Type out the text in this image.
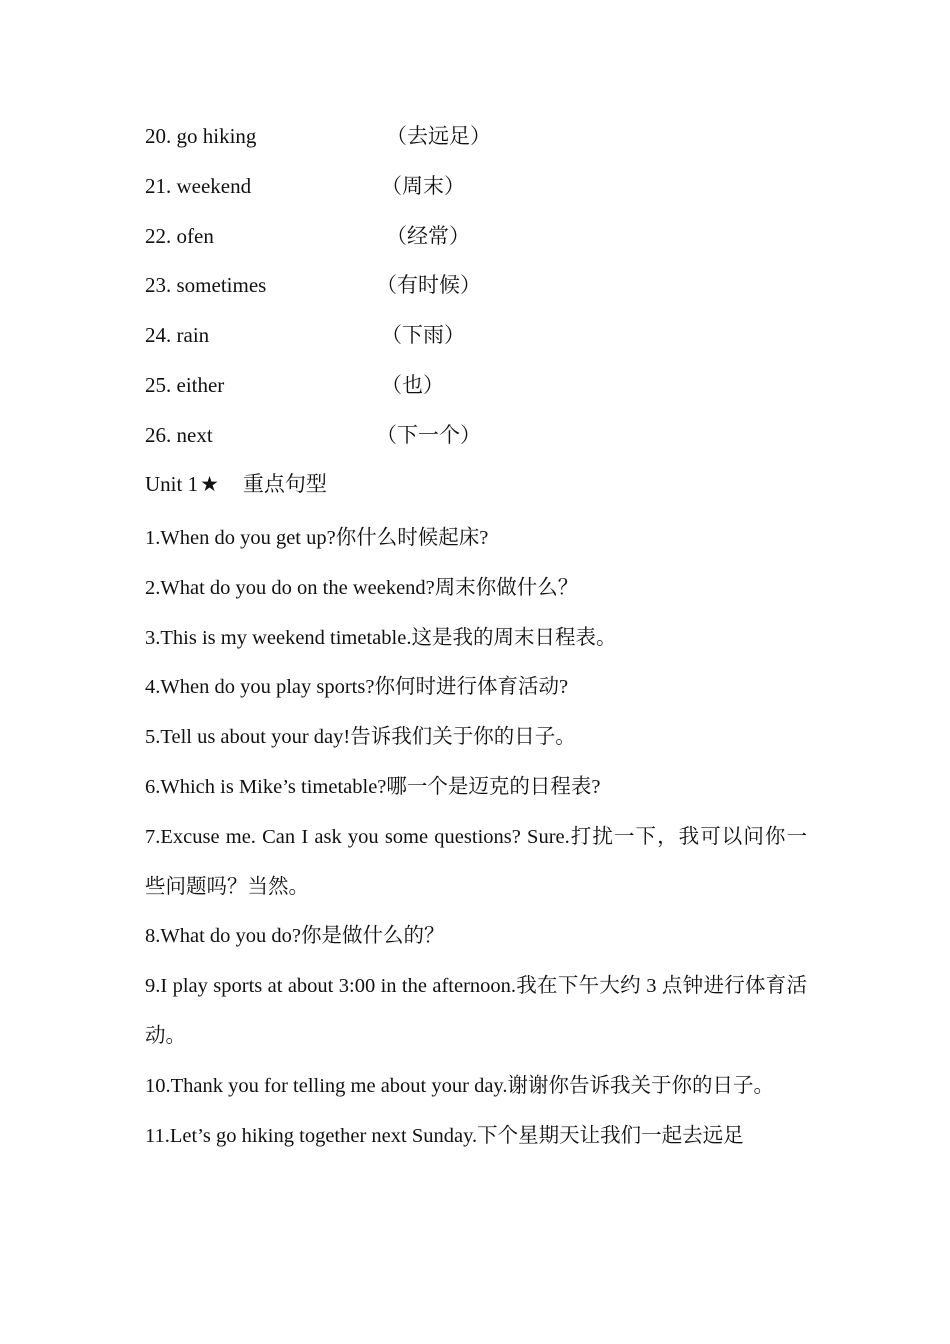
20. go hiking	（去远足）
21. weekend	（周末）
22. ofen	（经常）
23. sometimes	（有时候）
24. rain	（下雨）
25. either	（也）
26. next	（下一个）
Unit 1★ 重点句型

1.When do you get up?你什么时候起床?

2.What do you do on the weekend?周末你做什么？

3.This is my weekend timetable.这是我的周末日程表。

4.When do you play sports?你何时进行体育活动?

5.Tell us about your day!告诉我们关于你的日子。

6.Which is Mike’s timetable?哪一个是迈克的日程表?

7.Excuse me. Can I ask you some questions? Sure.打扰一下，我可以问你一些问题吗？当然。

8.What do you do?你是做什么的？

9.I play sports at about 3:00 in the afternoon.我在下午大约 3 点钟进行体育活动。

10.Thank you for telling me about your day.谢谢你告诉我关于你的日子。

11.Let’s go hiking together next Sunday.下个星期天让我们一起去远足
